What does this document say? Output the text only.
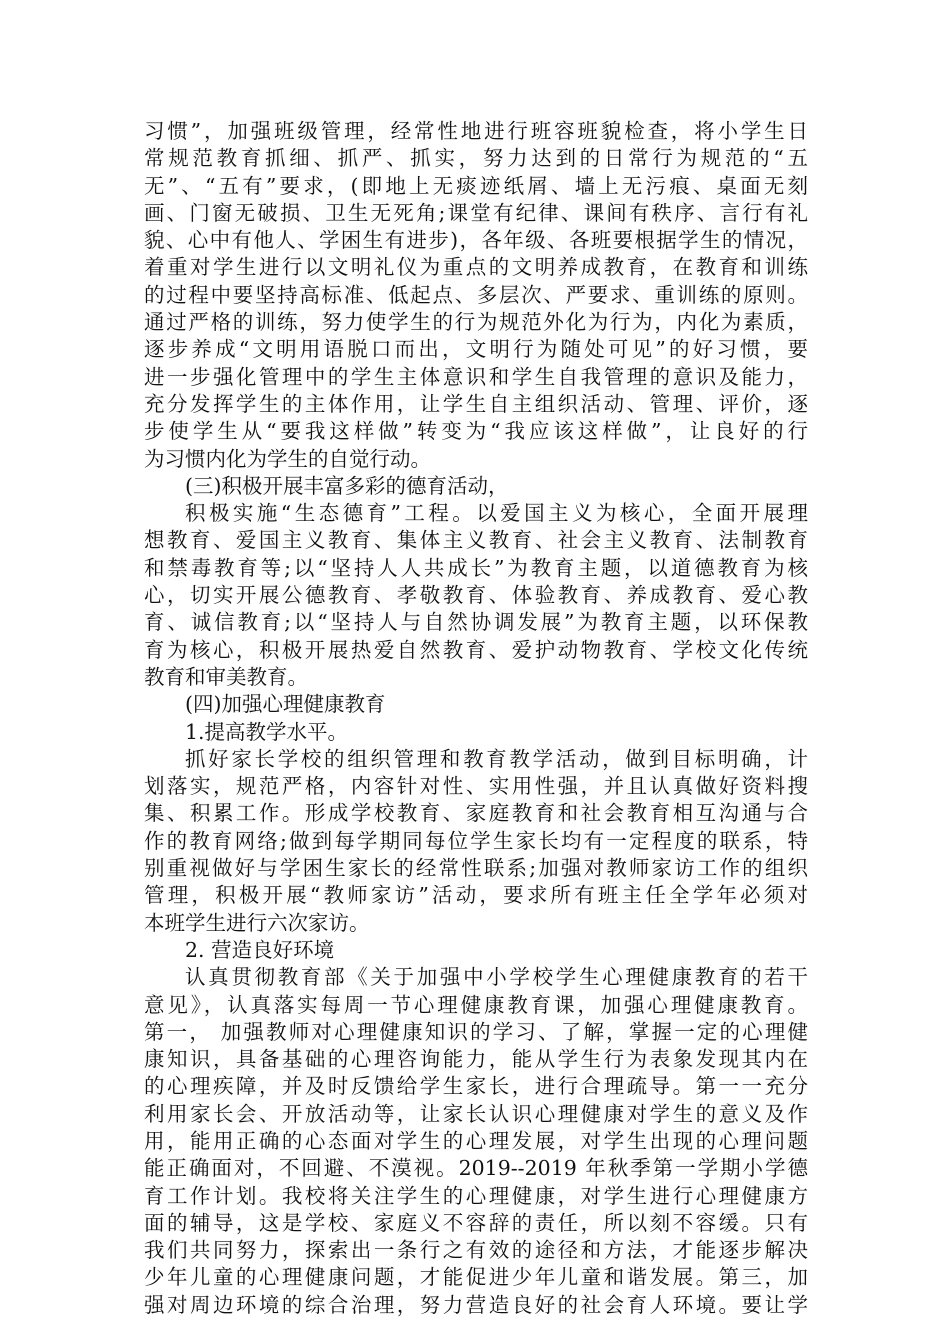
习惯”，加强班级管理，经常性地进行班容班貌检查，将小学生日
常规范教育抓细、抓严、抓实，努力达到的日常行为规范的“五
无”、“五有”要求，(即地上无痰迹纸屑、墙上无污痕、桌面无刻
画、门窗无破损、卫生无死角;课堂有纪律、课间有秩序、言行有礼
貌、心中有他人、学困生有进步)，各年级、各班要根据学生的情况，
着重对学生进行以文明礼仪为重点的文明养成教育，在教育和训练
的过程中要坚持高标准、低起点、多层次、严要求、重训练的原则。
通过严格的训练，努力使学生的行为规范外化为行为，内化为素质，
逐步养成“文明用语脱口而出，文明行为随处可见”的好习惯，要
进一步强化管理中的学生主体意识和学生自我管理的意识及能力，
充分发挥学生的主体作用，让学生自主组织活动、管理、评价，逐
步使学生从“要我这样做”转变为“我应该这样做”，让良好的行
为习惯内化为学生的自觉行动。
(三)积极开展丰富多彩的德育活动，
积极实施“生态德育”工程。以爱国主义为核心，全面开展理
想教育、爱国主义教育、集体主义教育、社会主义教育、法制教育
和禁毒教育等;以“坚持人人共成长”为教育主题，以道德教育为核
心，切实开展公德教育、孝敬教育、体验教育、养成教育、爱心教
育、诚信教育;以“坚持人与自然协调发展”为教育主题，以环保教
育为核心，积极开展热爱自然教育、爱护动物教育、学校文化传统
教育和审美教育。
(四)加强心理健康教育
1.提高教学水平。
抓好家长学校的组织管理和教育教学活动，做到目标明确，计
划落实，规范严格，内容针对性、实用性强，并且认真做好资料搜
集、积累工作。形成学校教育、家庭教育和社会教育相互沟通与合
作的教育网络;做到每学期同每位学生家长均有一定程度的联系，特
别重视做好与学困生家长的经常性联系;加强对教师家访工作的组织
管理，积极开展“教师家访”活动，要求所有班主任全学年必须对
本班学生进行六次家访。
2. 营造良好环境
认真贯彻教育部《关于加强中小学校学生心理健康教育的若干
意见》，认真落实每周一节心理健康教育课，加强心理健康教育。
第一， 加强教师对心理健康知识的学习、了解，掌握一定的心理健
康知识，具备基础的心理咨询能力，能从学生行为表象发现其内在
的心理疾障，并及时反馈给学生家长，进行合理疏导。第一一充分
利用家长会、开放活动等，让家长认识心理健康对学生的意义及作
用，能用正确的心态面对学生的心理发展，对学生出现的心理问题
能正确面对，不回避、不漠视。2019--2019 年秋季第一学期小学德
育工作计划。我校将关注学生的心理健康，对学生进行心理健康方
面的辅导，这是学校、家庭义不容辞的责任，所以刻不容缓。只有
我们共同努力，探索出一条行之有效的途径和方法，才能逐步解决
少年儿童的心理健康问题，才能促进少年儿童和谐发展。第三，加
强对周边环境的综合治理，努力营造良好的社会育人环境。要让学
